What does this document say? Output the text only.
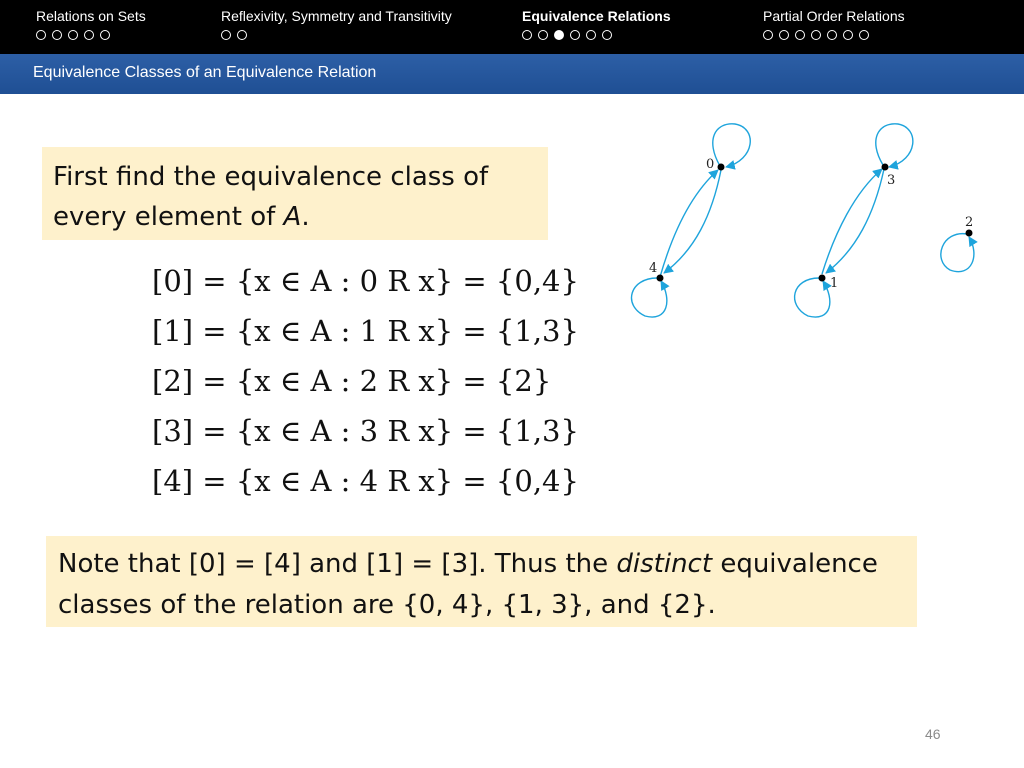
Relations on Sets	Reflexivity, Symmetry and Transitivity	Equivalence Relations	Partial Order Relations
Equivalence Classes of an Equivalence Relation
First find the equivalence class of
every element of A.
[0] = {x ∈ A : 0 R x} = {0,4}
[1] = {x ∈ A : 1 R x} = {1,3}
[2] = {x ∈ A : 2 R x} = {2}
[3] = {x ∈ A : 3 R x} = {1,3}
[4] = {x ∈ A : 4 R x} = {0,4}
0
4
3
1
2
Note that [0] = [4] and [1] = [3]. Thus the distinct equivalence
classes of the relation are {0, 4}, {1, 3}, and {2}.
46
